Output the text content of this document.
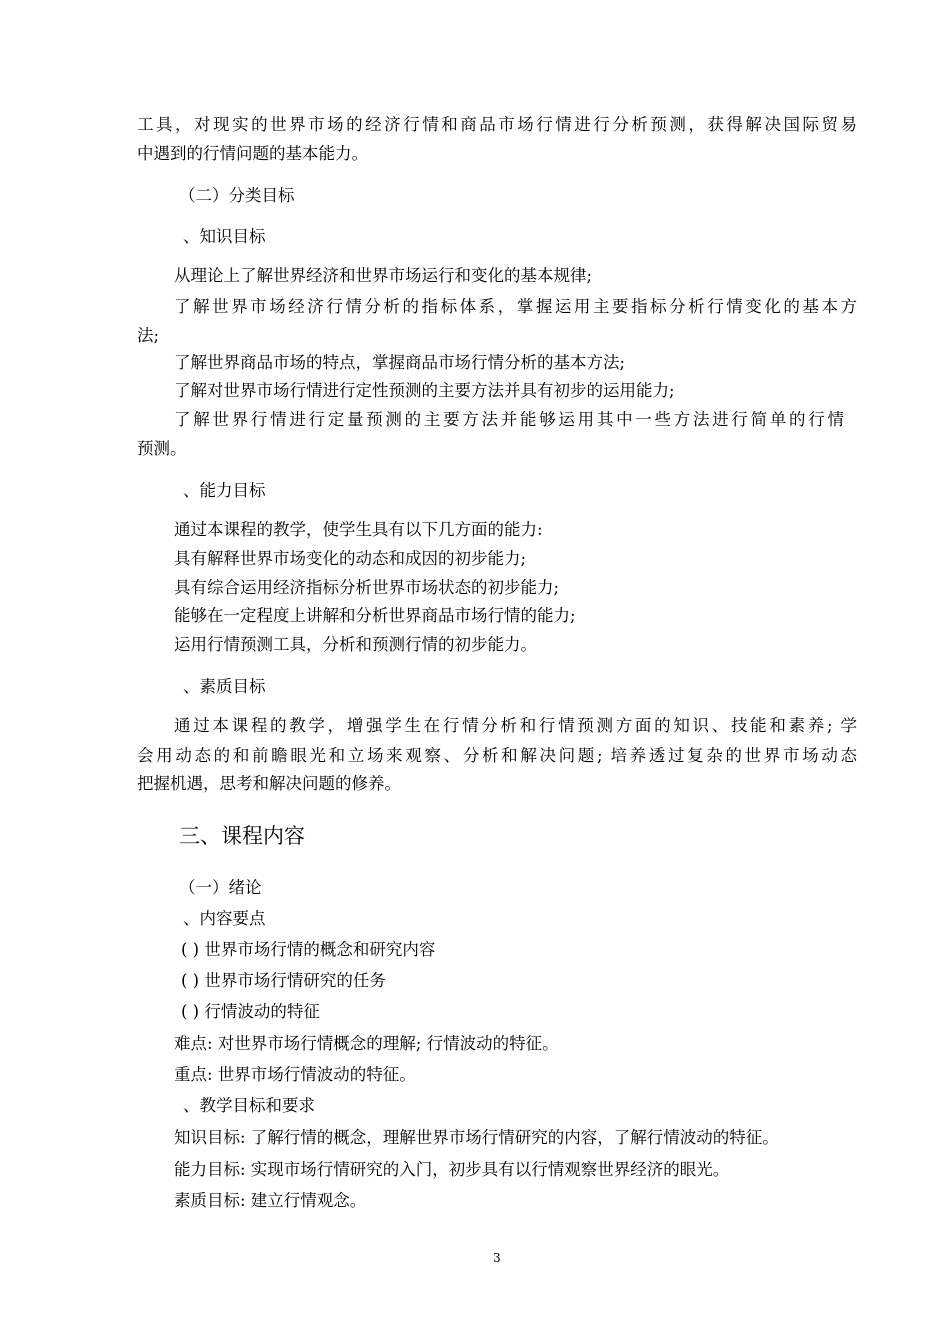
工具，对现实的世界市场的经济行情和商品市场行情进行分析预测，获得解决国际贸易
中遇到的行情问题的基本能力。
（二）分类目标
、知识目标
从理论上了解世界经济和世界市场运行和变化的基本规律;
了解世界市场经济行情分析的指标体系，掌握运用主要指标分析行情变化的基本方
法;
了解世界商品市场的特点，掌握商品市场行情分析的基本方法;
了解对世界市场行情进行定性预测的主要方法并具有初步的运用能力;
了解世界行情进行定量预测的主要方法并能够运用其中一些方法进行简单的行情
预测。
、能力目标
通过本课程的教学，使学生具有以下几方面的能力:
具有解释世界市场变化的动态和成因的初步能力;
具有综合运用经济指标分析世界市场状态的初步能力;
能够在一定程度上讲解和分析世界商品市场行情的能力;
运用行情预测工具，分析和预测行情的初步能力。
、素质目标
通过本课程的教学，增强学生在行情分析和行情预测方面的知识、技能和素养; 学
会用动态的和前瞻眼光和立场来观察、分析和解决问题; 培养透过复杂的世界市场动态
把握机遇，思考和解决问题的修养。
三、课程内容
（一）绪论
、内容要点
( ) 世界市场行情的概念和研究内容
( ) 世界市场行情研究的任务
( ) 行情波动的特征
难点: 对世界市场行情概念的理解; 行情波动的特征。
重点: 世界市场行情波动的特征。
、教学目标和要求
知识目标: 了解行情的概念，理解世界市场行情研究的内容，了解行情波动的特征。
能力目标: 实现市场行情研究的入门，初步具有以行情观察世界经济的眼光。
素质目标: 建立行情观念。
3
